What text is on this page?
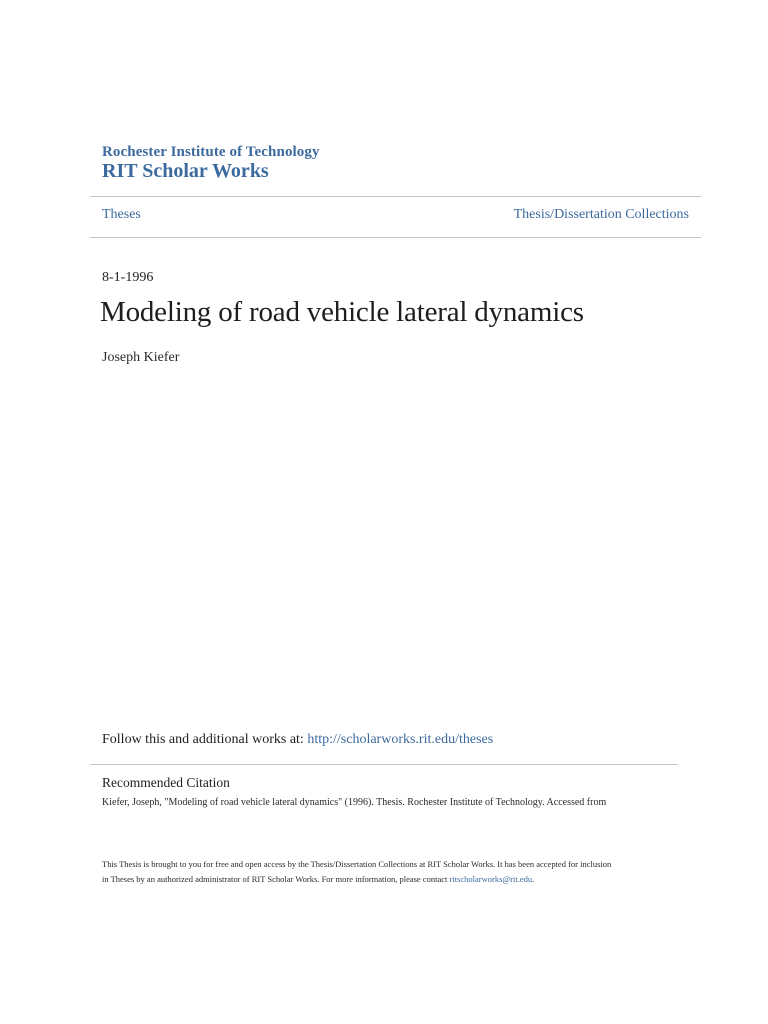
Rochester Institute of Technology
RIT Scholar Works
Theses	Thesis/Dissertation Collections
8-1-1996
Modeling of road vehicle lateral dynamics
Joseph Kiefer
Follow this and additional works at: http://scholarworks.rit.edu/theses
Recommended Citation
Kiefer, Joseph, "Modeling of road vehicle lateral dynamics" (1996). Thesis. Rochester Institute of Technology. Accessed from
This Thesis is brought to you for free and open access by the Thesis/Dissertation Collections at RIT Scholar Works. It has been accepted for inclusion
in Theses by an authorized administrator of RIT Scholar Works. For more information, please contact ritscholarworks@rit.edu.
